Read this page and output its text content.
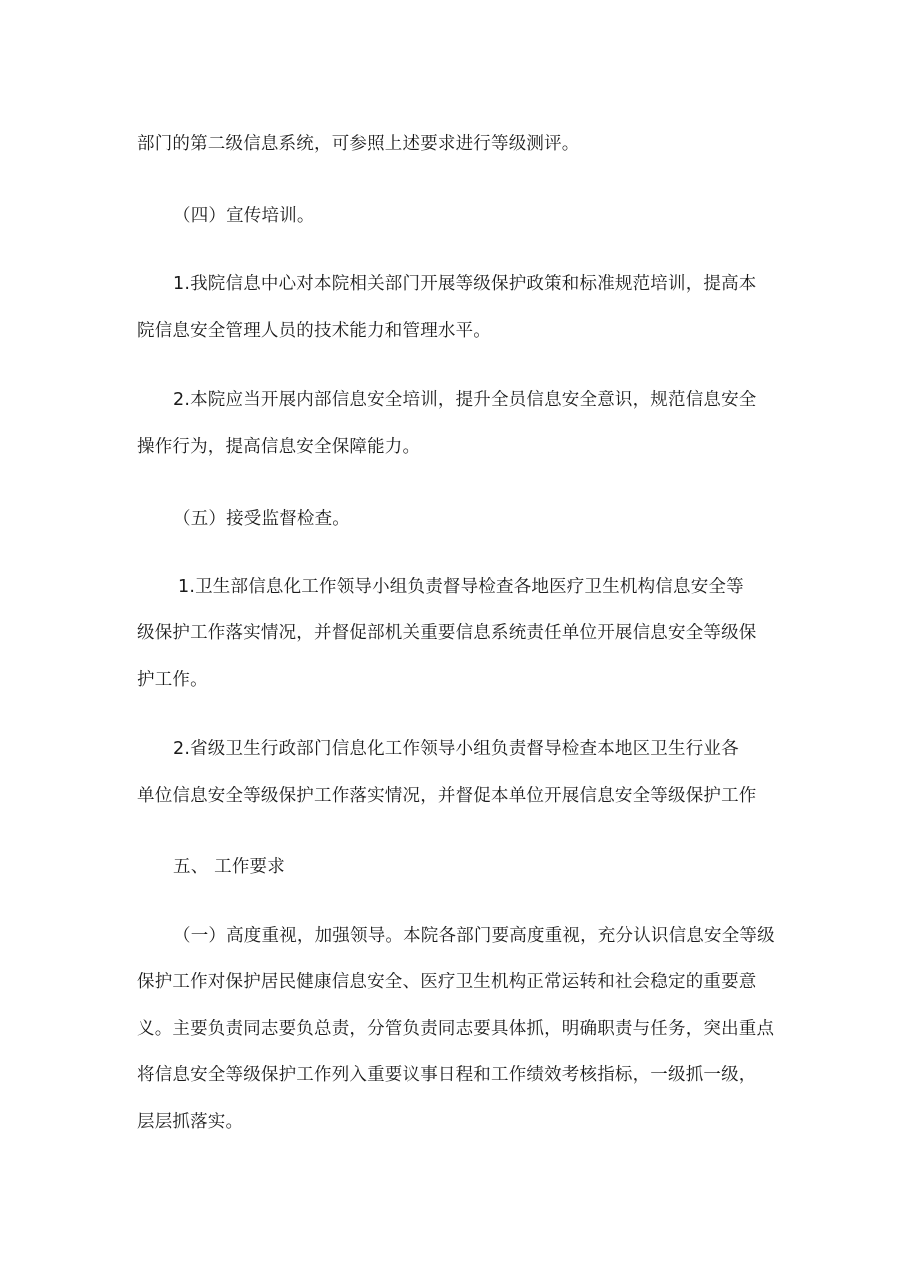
部门的第二级信息系统，可参照上述要求进行等级测评。
（四）宣传培训。
1.我院信息中心对本院相关部门开展等级保护政策和标准规范培训，提高本
院信息安全管理人员的技术能力和管理水平。
2.本院应当开展内部信息安全培训，提升全员信息安全意识，规范信息安全
操作行为，提高信息安全保障能力。
（五）接受监督检查。
1.卫生部信息化工作领导小组负责督导检查各地医疗卫生机构信息安全等
级保护工作落实情况，并督促部机关重要信息系统责任单位开展信息安全等级保
护工作。
2.省级卫生行政部门信息化工作领导小组负责督导检查本地区卫生行业各
单位信息安全等级保护工作落实情况，并督促本单位开展信息安全等级保护工作
五、 工作要求
（一）高度重视，加强领导。本院各部门要高度重视，充分认识信息安全等级
保护工作对保护居民健康信息安全、医疗卫生机构正常运转和社会稳定的重要意
义。主要负责同志要负总责，分管负责同志要具体抓，明确职责与任务，突出重点
将信息安全等级保护工作列入重要议事日程和工作绩效考核指标，一级抓一级，
层层抓落实。
